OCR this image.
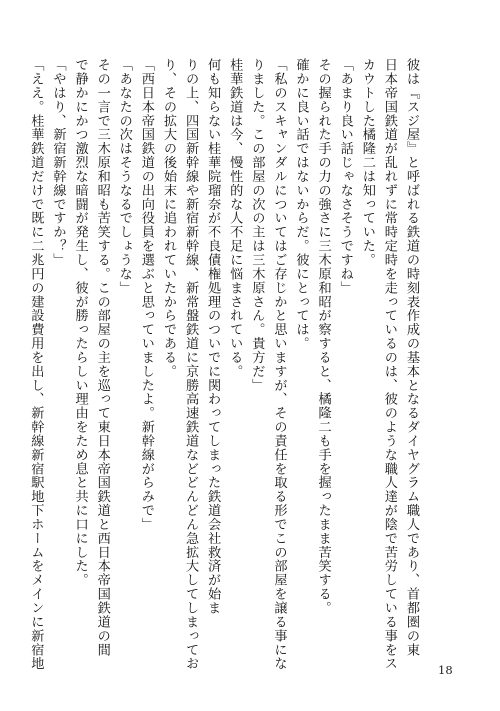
彼は『スジ屋』と呼ばれる鉄道の時刻表作成の基本となるダイヤグラム職人であり、首都圏の東

日本帝国鉄道が乱れずに常時定時を走っているのは、彼のような職人達が陰で苦労している事をス

カウトした橘隆二は知っていた。

「あまり良い話じゃなさそうですね」

その握られた手の力の強さに三木原和昭が察すると、橘隆二も手を握ったまま苦笑する。

確かに良い話ではないからだ。彼にとっては。

「私のスキャンダルについてはご存じかと思いますが、その責任を取る形でこの部屋を譲る事にな

りました。この部屋の次の主は三木原さん。貴方だ」

桂華鉄道は今、慢性的な人不足に悩まされている。

何も知らない桂華院瑠奈が不良債権処理のついでに関わってしまった鉄道会社救済が始ま

りの上、四国新幹線や新宿新幹線、新常盤鉄道に京勝高速鉄道などどんどん急拡大してしまってお

り、その拡大の後始末に追われていたからである。

「西日本帝国鉄道の出向役員を選ぶと思っていましたよ。新幹線がらみで」

「あなたの次はそうなるでしょうな」

その一言で三木原和昭も苦笑する。この部屋の主を巡って東日本帝国鉄道と西日本帝国鉄道の間

で静かにかつ激烈な暗闘が発生し、彼が勝ったらしい理由をため息と共に口にした。

「やはり、新宿新幹線ですか？」

「ええ。桂華鉄道だけで既に二兆円の建設費用を出し、新幹線新宿駅地下ホームをメインに新宿地	18
